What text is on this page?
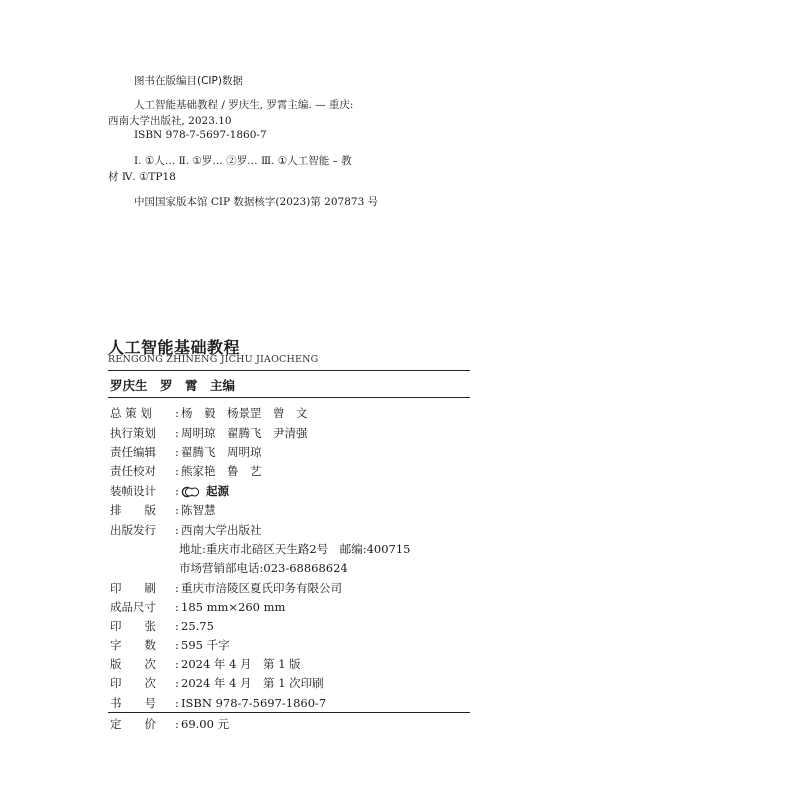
图书在版编目(CIP)数据
人工智能基础教程 / 罗庆生, 罗霄主编. — 重庆:
西南大学出版社, 2023.10
ISBN 978-7-5697-1860-7
Ⅰ. ①人… Ⅱ. ①罗… ②罗… Ⅲ. ①人工智能 – 教
材 Ⅳ. ①TP18
中国国家版本馆 CIP 数据核字(2023)第 207873 号
人工智能基础教程
RENGONG ZHINENG JICHU JIAOCHENG
罗庆生　罗　霄　主编
总 策 划 : 杨　毅　杨景罡　曾　文
执行策划 : 周明琼　翟腾飞　尹清强
责任编辑 : 翟腾飞　周明琼
责任校对 : 熊家艳　鲁　艺
装帧设计 : 起源
排　　版 : 陈智慧
出版发行 : 西南大学出版社
地址:重庆市北碚区天生路2号　邮编:400715
市场营销部电话:023-68868624
印　　刷 : 重庆市涪陵区夏氏印务有限公司
成品尺寸 : 185 mm×260 mm
印　　张 : 25.75
字　　数 : 595 千字
版　　次 : 2024 年 4 月　第 1 版
印　　次 : 2024 年 4 月　第 1 次印刷
书　　号 : ISBN 978-7-5697-1860-7
定　　价 : 69.00 元
